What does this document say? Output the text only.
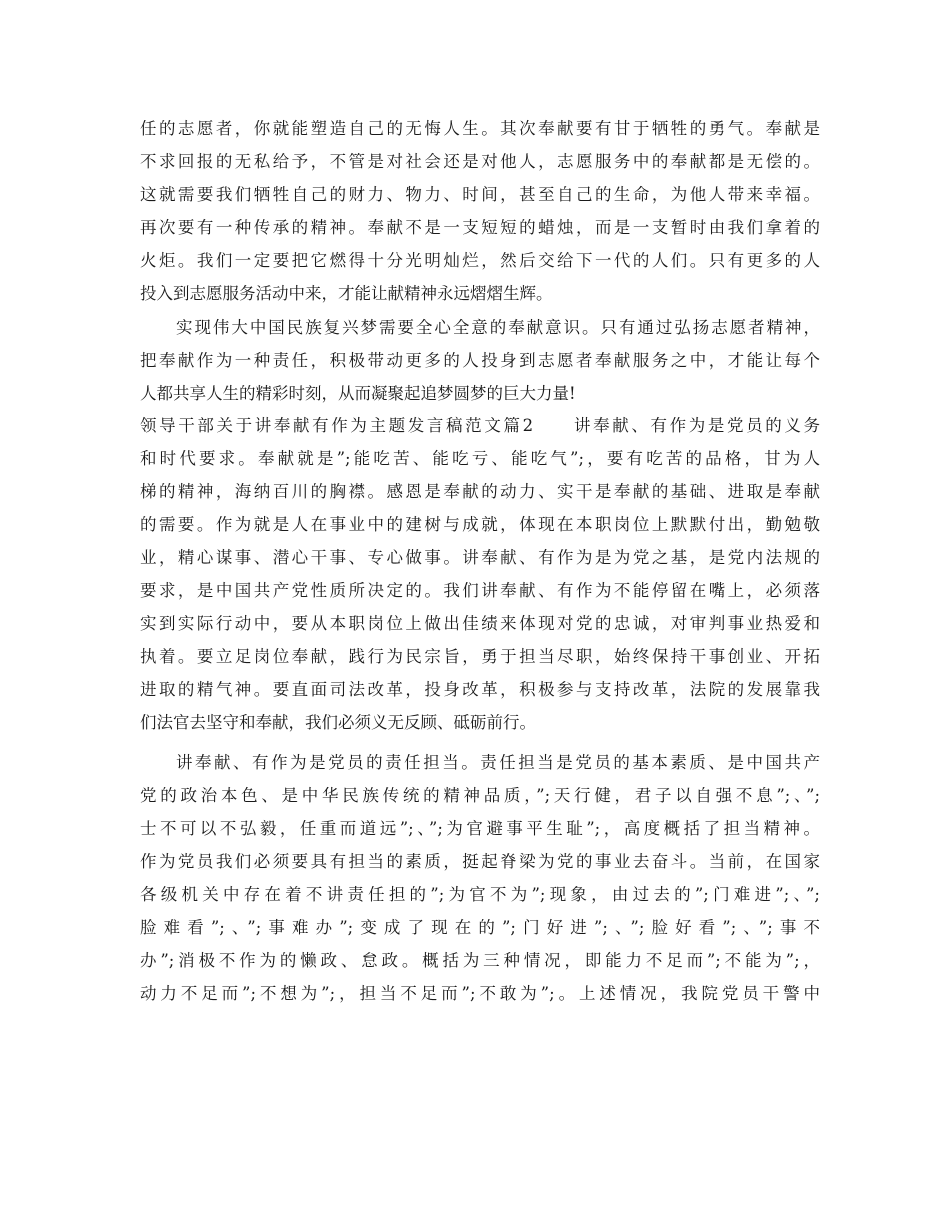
任的志愿者，你就能塑造自己的无悔人生。其次奉献要有甘于牺牲的勇气。奉献是
不求回报的无私给予，不管是对社会还是对他人，志愿服务中的奉献都是无偿的。
这就需要我们牺牲自己的财力、物力、时间，甚至自己的生命，为他人带来幸福。
再次要有一种传承的精神。奉献不是一支短短的蜡烛，而是一支暂时由我们拿着的
火炬。我们一定要把它燃得十分光明灿烂，然后交给下一代的人们。只有更多的人
投入到志愿服务活动中来，才能让献精神永远熠熠生辉。
实现伟大中国民族复兴梦需要全心全意的奉献意识。只有通过弘扬志愿者精神，
把奉献作为一种责任，积极带动更多的人投身到志愿者奉献服务之中，才能让每个
人都共享人生的精彩时刻，从而凝聚起追梦圆梦的巨大力量!
领导干部关于讲奉献有作为主题发言稿范文篇2　　讲奉献、有作为是党员的义务
和时代要求。奉献就是”;能吃苦、能吃亏、能吃气”;，要有吃苦的品格，甘为人
梯的精神，海纳百川的胸襟。感恩是奉献的动力、实干是奉献的基础、进取是奉献
的需要。作为就是人在事业中的建树与成就，体现在本职岗位上默默付出，勤勉敬
业，精心谋事、潜心干事、专心做事。讲奉献、有作为是为党之基，是党内法规的
要求，是中国共产党性质所决定的。我们讲奉献、有作为不能停留在嘴上，必须落
实到实际行动中，要从本职岗位上做出佳绩来体现对党的忠诚，对审判事业热爱和
执着。要立足岗位奉献，践行为民宗旨，勇于担当尽职，始终保持干事创业、开拓
进取的精气神。要直面司法改革，投身改革，积极参与支持改革，法院的发展靠我
们法官去坚守和奉献，我们必须义无反顾、砥砺前行。
讲奉献、有作为是党员的责任担当。责任担当是党员的基本素质、是中国共产
党的政治本色、是中华民族传统的精神品质，”;天行健，君子以自强不息”;、”;
士不可以不弘毅，任重而道远”;、”;为官避事平生耻”;，高度概括了担当精神。
作为党员我们必须要具有担当的素质，挺起脊梁为党的事业去奋斗。当前，在国家
各级机关中存在着不讲责任担的”;为官不为”;现象，由过去的”;门难进”;、”;
脸难看”;、”;事难办”;变成了现在的”;门好进”;、”;脸好看”;、”;事不
办”;消极不作为的懒政、怠政。概括为三种情况，即能力不足而”;不能为”;，
动力不足而”;不想为”;，担当不足而”;不敢为”;。上述情况，我院党员干警中
